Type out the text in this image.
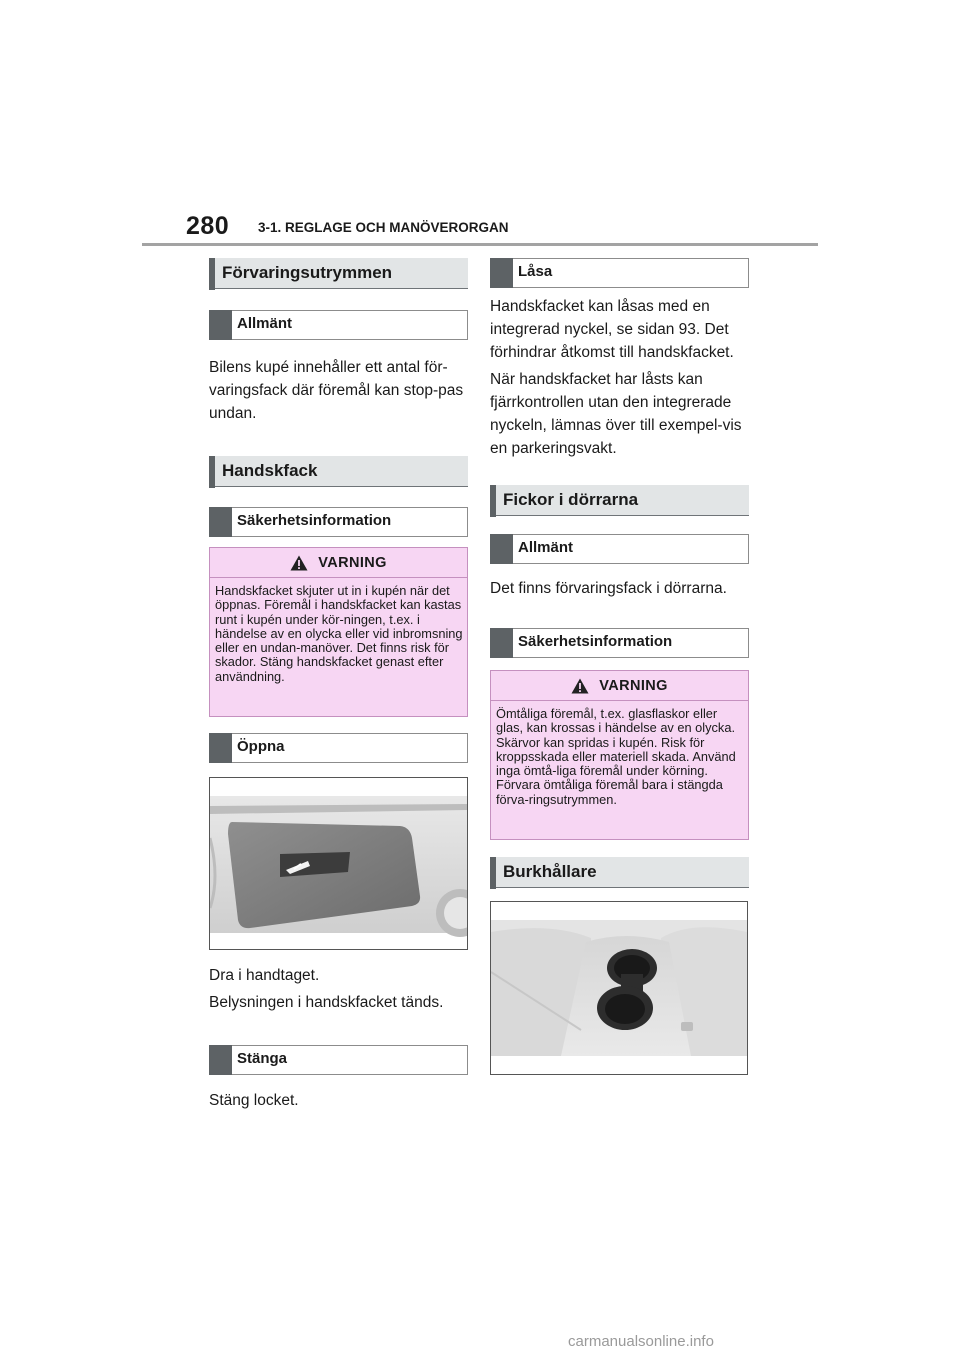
280 3-1. REGLAGE OCH MANÖVERORGAN
Förvaringsutrymmen
Allmänt

Bilens kupé innehåller ett antal för-varingsfack där föremål kan stop-pas undan.

Handskfack
Säkerhetsinformation
VARNING
Handskfacket skjuter ut in i kupén när det öppnas. Föremål i handskfacket kan kastas runt i kupén under kör-ningen, t.ex. i händelse av en olycka eller vid inbromsning eller en undan-manöver. Det finns risk för skador. Stäng handskfacket genast efter användning.
Öppna

Dra i handtaget.

Belysningen i handskfacket tänds.

Stänga

Stäng locket.

Låsa

Handskfacket kan låsas med en integrerad nyckel, se sidan 93. Det förhindrar åtkomst till handskfacket.

När handskfacket har låsts kan fjärrkontrollen utan den integrerade nyckeln, lämnas över till exempel-vis en parkeringsvakt.

Fickor i dörrarna
Allmänt

Det finns förvaringsfack i dörrarna.

Säkerhetsinformation
VARNING
Ömtåliga föremål, t.ex. glasflaskor eller glas, kan krossas i händelse av en olycka. Skärvor kan spridas i kupén. Risk för kroppsskada eller materiell skada. Använd inga ömtå-liga föremål under körning. Förvara ömtåliga föremål bara i stängda förva-ringsutrymmen.
Burkhållare
carmanualsonline.info
